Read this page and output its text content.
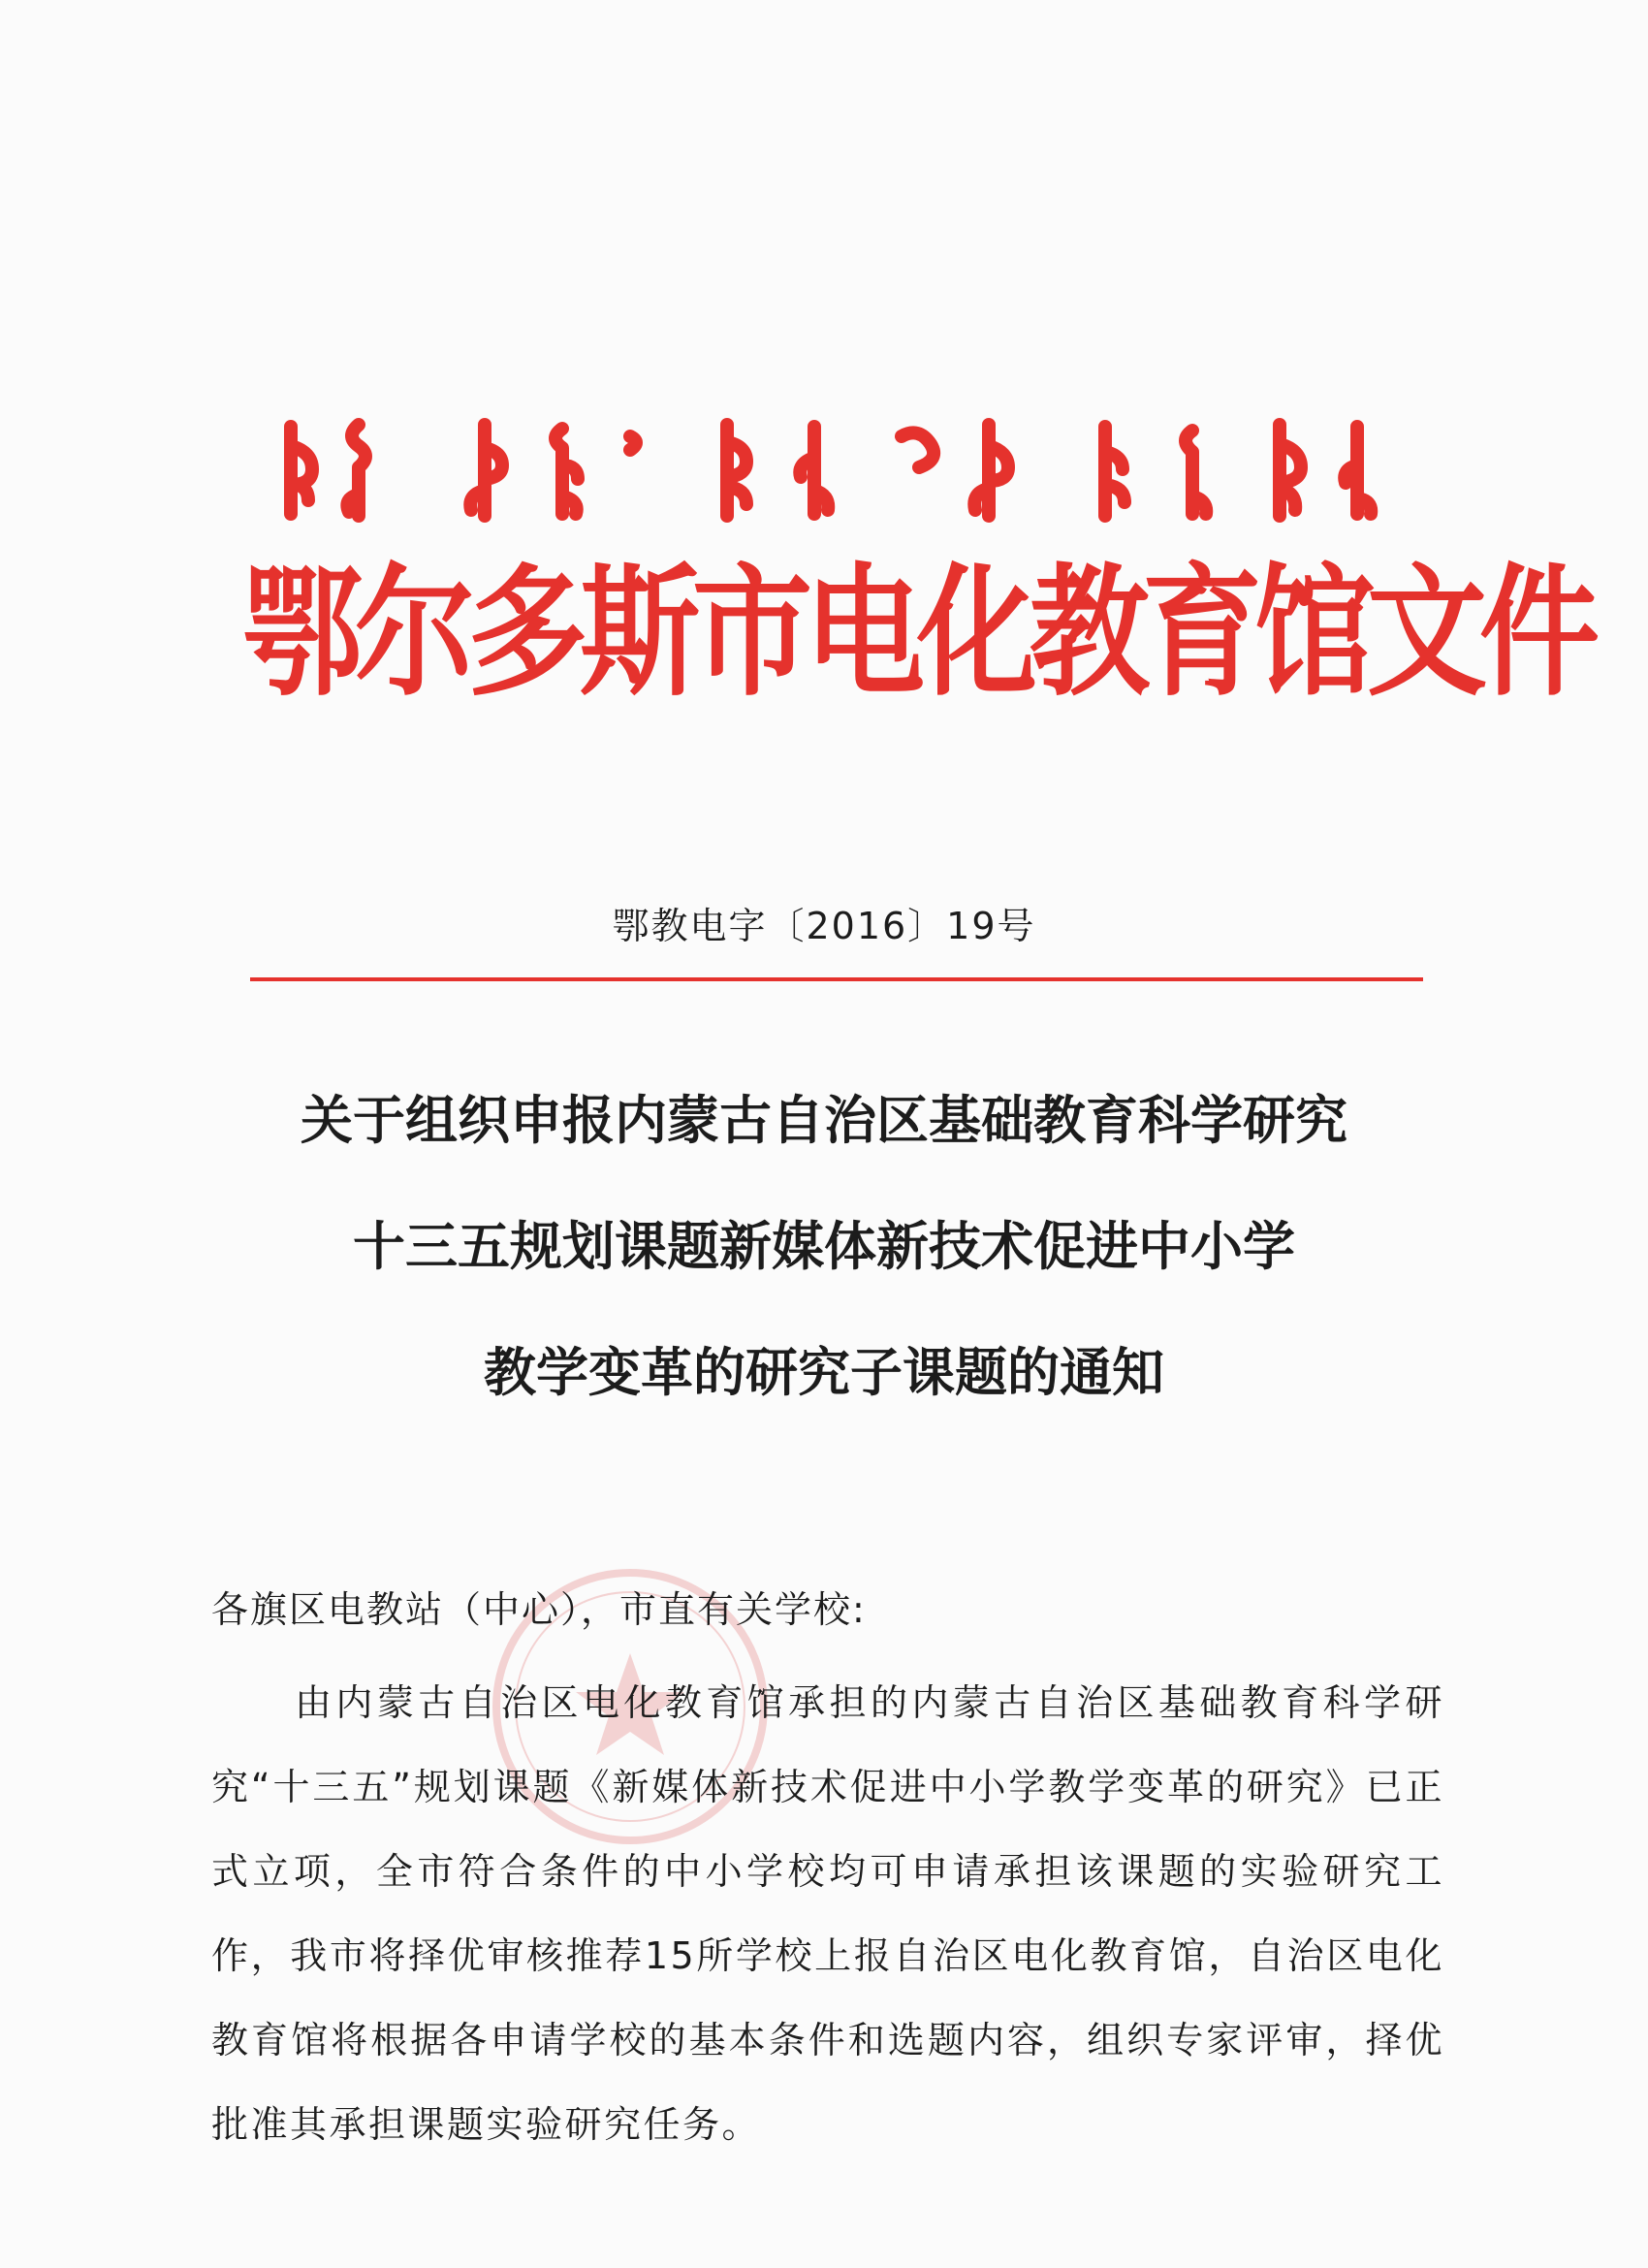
鄂尔多斯市电化教育馆文件
鄂教电字〔2016〕19号
关于组织申报内蒙古自治区基础教育科学研究
十三五规划课题新媒体新技术促进中小学
教学变革的研究子课题的通知
各旗区电教站（中心），市直有关学校:
由内蒙古自治区电化教育馆承担的内蒙古自治区基础教育科学研究“十三五”规划课题《新媒体新技术促进中小学教学变革的研究》已正式立项，全市符合条件的中小学校均可申请承担该课题的实验研究工作，我市将择优审核推荐15所学校上报自治区电化教育馆，自治区电化教育馆将根据各申请学校的基本条件和选题内容，组织专家评审，择优批准其承担课题实验研究任务。
